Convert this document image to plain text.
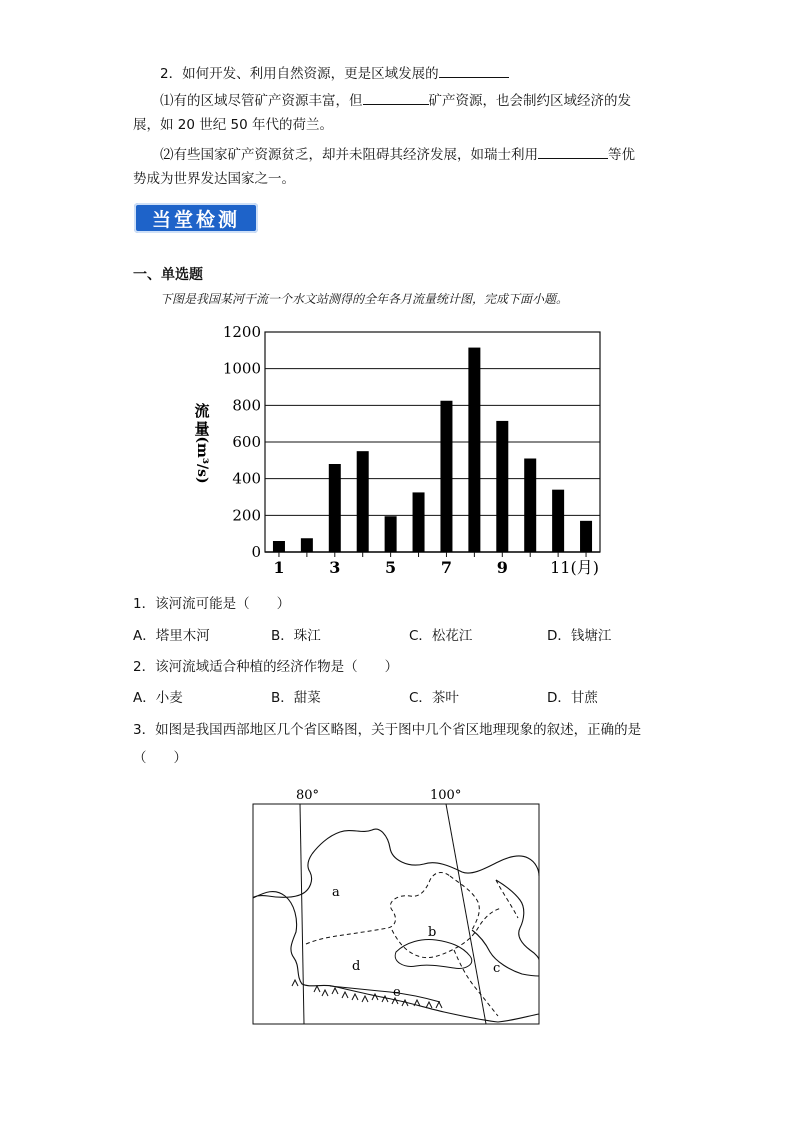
2．如何开发、利用自然资源，更是区域发展的
⑴有的区域尽管矿产资源丰富，但	矿产资源，也会制约区域经济的发
展，如 20 世纪 50 年代的荷兰。
⑵有些国家矿产资源贫乏，却并未阻碍其经济发展，如瑞士利用	等优
势成为世界发达国家之一。
当堂检测
一、单选题
下图是我国某河干流一个水文站测得的全年各月流量统计图，完成下面小题。
0
200
400
600
800
1000
1200
1	3	5	7	9	11(月)
流
量
(m³/s)
1．该河流可能是（　　）
A．塔里木河	B．珠江	C．松花江	D．钱塘江
2．该河流域适合种植的经济作物是（　　）
A．小麦	B．甜菜	C．茶叶	D．甘蔗
3．如图是我国西部地区几个省区略图，关于图中几个省区地理现象的叙述，正确的是
（　　）
80°	100°
a
b
c
d
e
